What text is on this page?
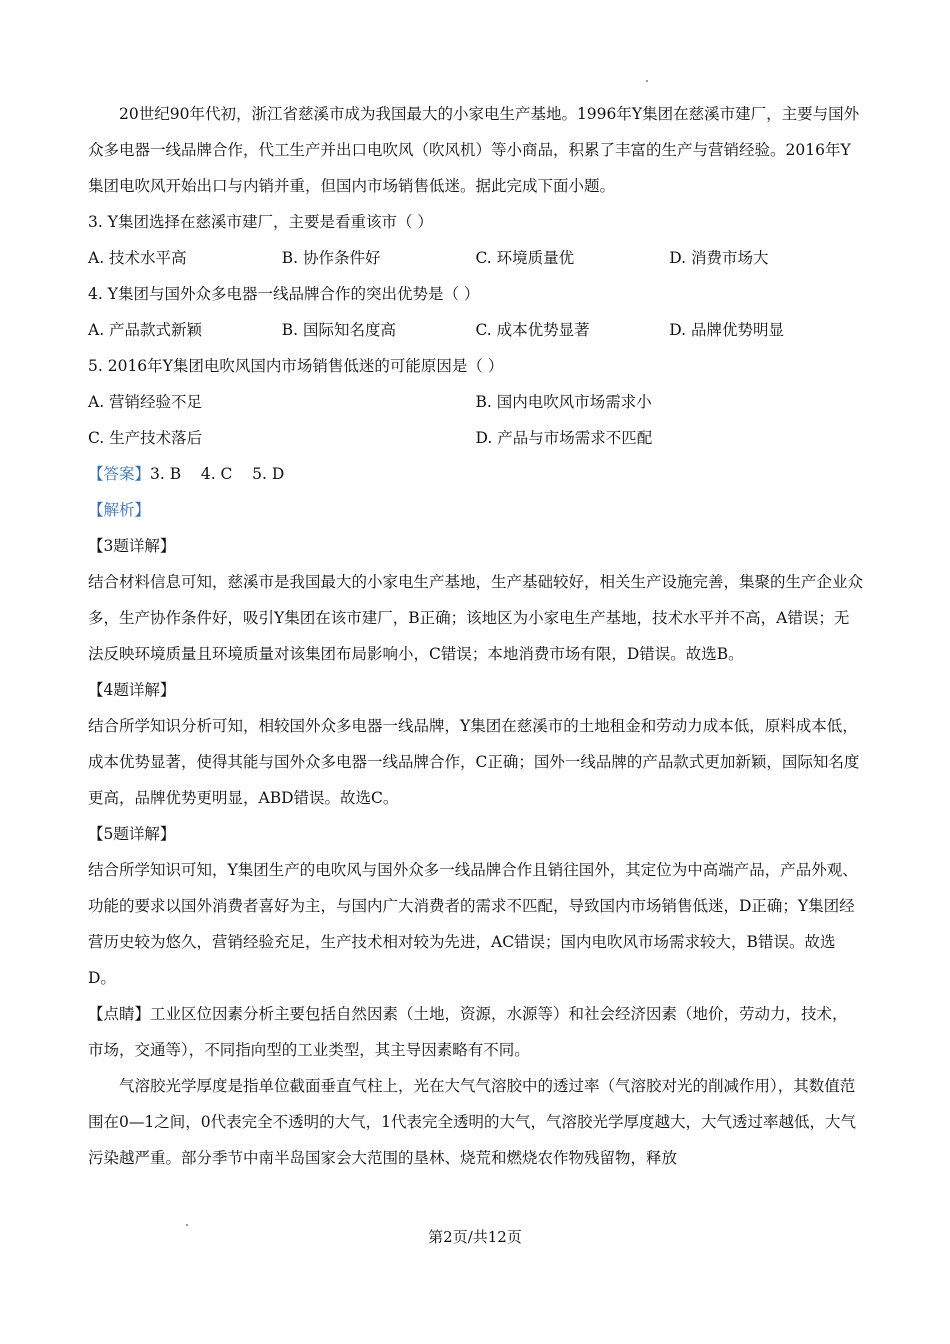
20世纪90年代初，浙江省慈溪市成为我国最大的小家电生产基地。1996年Y集团在慈溪市建厂，主要与国外众多电器一线品牌合作，代工生产并出口电吹风（吹风机）等小商品，积累了丰富的生产与营销经验。2016年Y集团电吹风开始出口与内销并重，但国内市场销售低迷。据此完成下面小题。

3. Y集团选择在慈溪市建厂，主要是看重该市（ ）

A. 技术水平高	B. 协作条件好	C. 环境质量优	D. 消费市场大

4. Y集团与国外众多电器一线品牌合作的突出优势是（ ）

A. 产品款式新颖	B. 国际知名度高	C. 成本优势显著	D. 品牌优势明显

5. 2016年Y集团电吹风国内市场销售低迷的可能原因是（ ）

A. 营销经验不足	B. 国内电吹风市场需求小
C. 生产技术落后	D. 产品与市场需求不匹配

【答案】3. B    4. C    5. D

【解析】

【3题详解】

结合材料信息可知，慈溪市是我国最大的小家电生产基地，生产基础较好，相关生产设施完善，集聚的生产企业众多，生产协作条件好，吸引Y集团在该市建厂，B正确；该地区为小家电生产基地，技术水平并不高，A错误；无法反映环境质量且环境质量对该集团布局影响小，C错误；本地消费市场有限，D错误。故选B。

【4题详解】

结合所学知识分析可知，相较国外众多电器一线品牌，Y集团在慈溪市的土地租金和劳动力成本低，原料成本低，成本优势显著，使得其能与国外众多电器一线品牌合作，C正确；国外一线品牌的产品款式更加新颖，国际知名度更高，品牌优势更明显，ABD错误。故选C。

【5题详解】

结合所学知识可知，Y集团生产的电吹风与国外众多一线品牌合作且销往国外，其定位为中高端产品，产品外观、功能的要求以国外消费者喜好为主，与国内广大消费者的需求不匹配，导致国内市场销售低迷，D正确；Y集团经营历史较为悠久，营销经验充足，生产技术相对较为先进，AC错误；国内电吹风市场需求较大，B错误。故选D。

【点睛】工业区位因素分析主要包括自然因素（土地，资源，水源等）和社会经济因素（地价，劳动力，技术，市场，交通等），不同指向型的工业类型，其主导因素略有不同。

气溶胶光学厚度是指单位截面垂直气柱上，光在大气气溶胶中的透过率（气溶胶对光的削减作用），其数值范围在0—1之间，0代表完全不透明的大气，1代表完全透明的大气，气溶胶光学厚度越大，大气透过率越低，大气污染越严重。部分季节中南半岛国家会大范围的垦林、烧荒和燃烧农作物残留物，释放

第2页/共12页
